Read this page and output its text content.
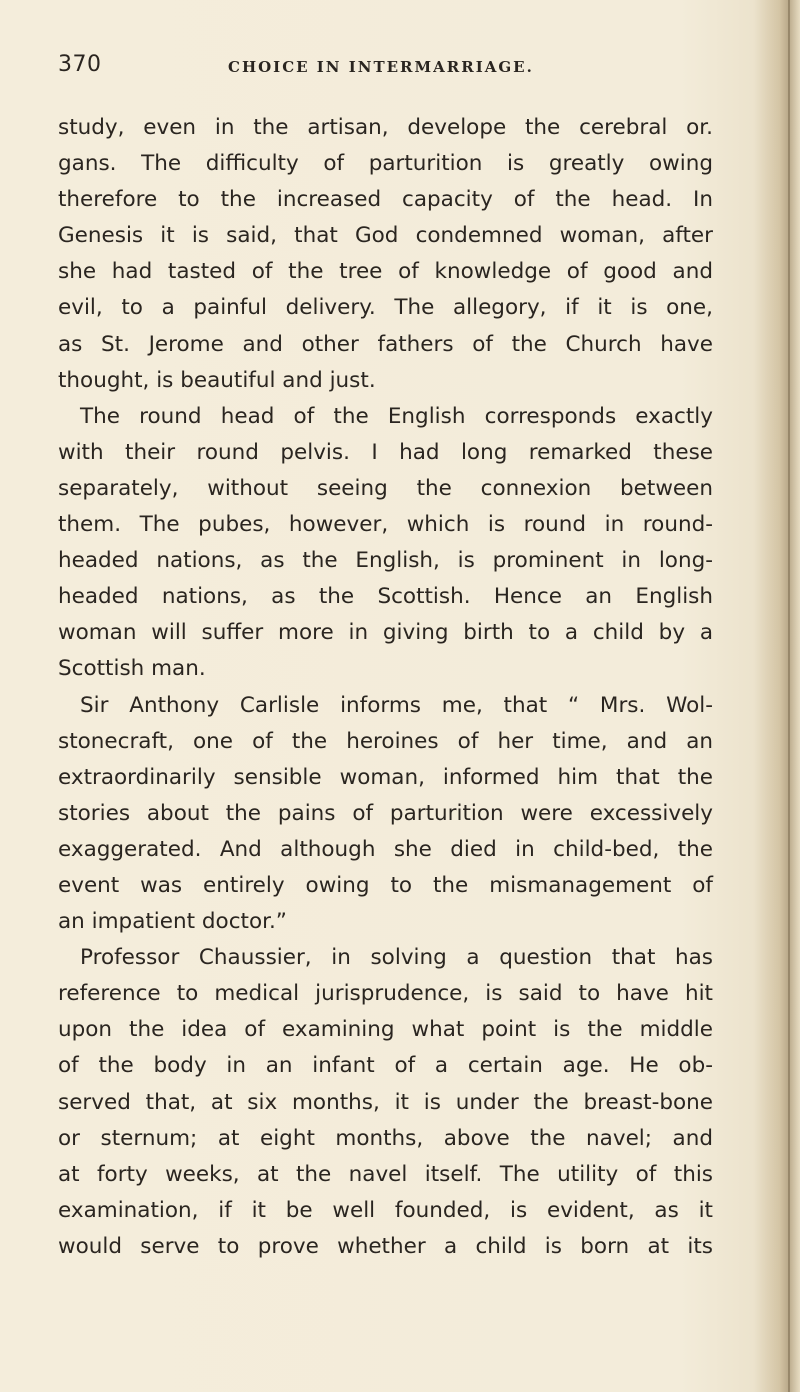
370	CHOICE IN INTERMARRIAGE.
study, even in the artisan, develope the cerebral or.
gans. The difficulty of parturition is greatly owing
therefore to the increased capacity of the head. In
Genesis it is said, that God condemned woman, after
she had tasted of the tree of knowledge of good and
evil, to a painful delivery. The allegory, if it is one,
as St. Jerome and other fathers of the Church have
thought, is beautiful and just.
The round head of the English corresponds exactly
with their round pelvis. I had long remarked these
separately, without seeing the connexion between
them. The pubes, however, which is round in round-
headed nations, as the English, is prominent in long-
headed nations, as the Scottish. Hence an English
woman will suffer more in giving birth to a child by a
Scottish man.
Sir Anthony Carlisle informs me, that “ Mrs. Wol-
stonecraft, one of the heroines of her time, and an
extraordinarily sensible woman, informed him that the
stories about the pains of parturition were excessively
exaggerated. And although she died in child-bed, the
event was entirely owing to the mismanagement of
an impatient doctor.”
Professor Chaussier, in solving a question that has
reference to medical jurisprudence, is said to have hit
upon the idea of examining what point is the middle
of the body in an infant of a certain age. He ob-
served that, at six months, it is under the breast-bone
or sternum; at eight months, above the navel; and
at forty weeks, at the navel itself. The utility of this
examination, if it be well founded, is evident, as it
would serve to prove whether a child is born at its
